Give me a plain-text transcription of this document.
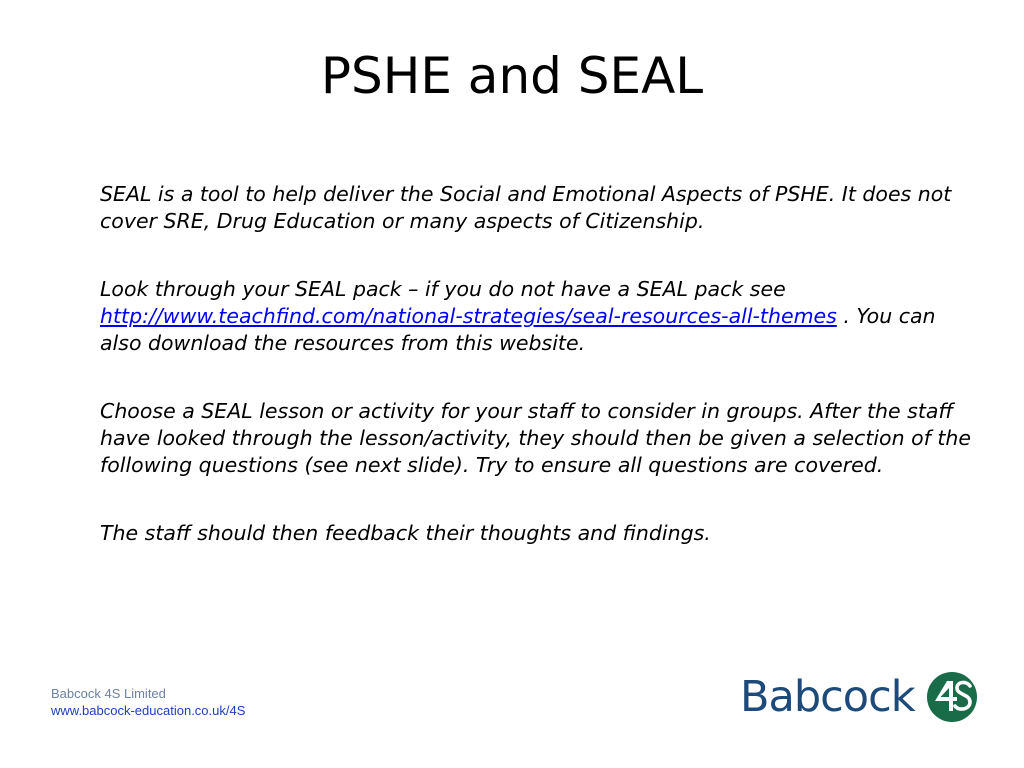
PSHE and SEAL

SEAL is a tool to help deliver the Social and Emotional Aspects of PSHE. It does not cover SRE, Drug Education or many aspects of Citizenship.

Look through your SEAL pack – if you do not have a SEAL pack see http://www.teachfind.com/national-strategies/seal-resources-all-themes . You can also download the resources from this website.

Choose a SEAL lesson or activity for your staff to consider in groups. After the staff have looked through the lesson/activity, they should then be given a selection of the following questions (see next slide). Try to ensure all questions are covered.

The staff should then feedback their thoughts and findings.

Babcock 4S Limited
www.babcock-education.co.uk/4S	Babcock
